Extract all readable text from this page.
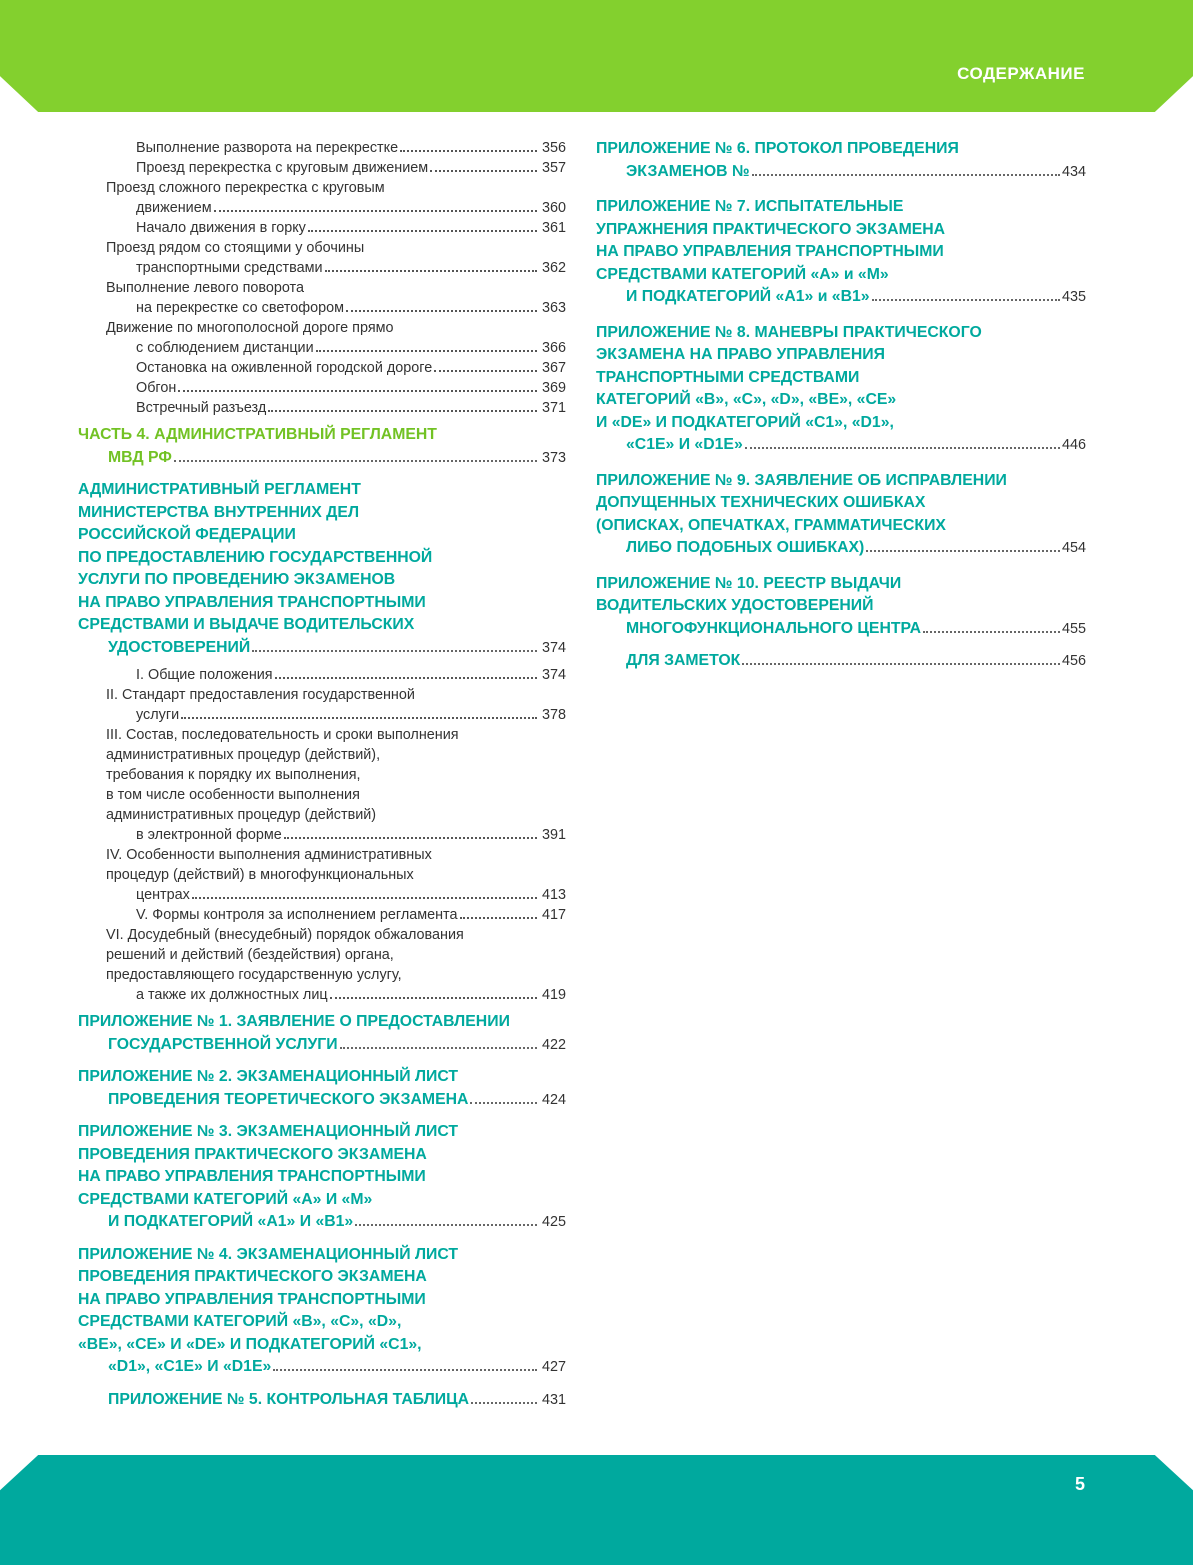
СОДЕРЖАНИЕ
Выполнение разворота на перекрестке	356
Проезд перекрестка с круговым движением	357
Проезд сложного перекрестка с круговым
движением	360
Начало движения в горку	361
Проезд рядом со стоящими у обочины
транспортными средствами	362
Выполнение левого поворота
на перекрестке со светофором	363
Движение по многополосной дороге прямо
с соблюдением дистанции	366
Остановка на оживленной городской дороге	367
Обгон	369
Встречный разъезд	371
ЧАСТЬ 4. АДМИНИСТРАТИВНЫЙ РЕГЛАМЕНТ
МВД РФ	373
АДМИНИСТРАТИВНЫЙ РЕГЛАМЕНТ
МИНИСТЕРСТВА ВНУТРЕННИХ ДЕЛ
РОССИЙСКОЙ ФЕДЕРАЦИИ
ПО ПРЕДОСТАВЛЕНИЮ ГОСУДАРСТВЕННОЙ
УСЛУГИ ПО ПРОВЕДЕНИЮ ЭКЗАМЕНОВ
НА ПРАВО УПРАВЛЕНИЯ ТРАНСПОРТНЫМИ
СРЕДСТВАМИ И ВЫДАЧЕ ВОДИТЕЛЬСКИХ
УДОСТОВЕРЕНИЙ	374
I. Общие положения	374
II. Стандарт предоставления государственной
услуги	378
III. Состав, последовательность и сроки выполнения
административных процедур (действий),
требования к порядку их выполнения,
в том числе особенности выполнения
административных процедур (действий)
в электронной форме	391
IV. Особенности выполнения административных
процедур (действий) в многофункциональных
центрах	413
V. Формы контроля за исполнением регламента	417
VI. Досудебный (внесудебный) порядок обжалования
решений и действий (бездействия) органа,
предоставляющего государственную услугу,
а также их должностных лиц	419
ПРИЛОЖЕНИЕ № 1. ЗАЯВЛЕНИЕ О ПРЕДОСТАВЛЕНИИ
ГОСУДАРСТВЕННОЙ УСЛУГИ	422
ПРИЛОЖЕНИЕ № 2. ЭКЗАМЕНАЦИОННЫЙ ЛИСТ
ПРОВЕДЕНИЯ ТЕОРЕТИЧЕСКОГО ЭКЗАМЕНА	424
ПРИЛОЖЕНИЕ № 3. ЭКЗАМЕНАЦИОННЫЙ ЛИСТ
ПРОВЕДЕНИЯ ПРАКТИЧЕСКОГО ЭКЗАМЕНА
НА ПРАВО УПРАВЛЕНИЯ ТРАНСПОРТНЫМИ
СРЕДСТВАМИ КАТЕГОРИЙ «А» И «М»
И ПОДКАТЕГОРИЙ «А1» И «В1»	425
ПРИЛОЖЕНИЕ № 4. ЭКЗАМЕНАЦИОННЫЙ ЛИСТ
ПРОВЕДЕНИЯ ПРАКТИЧЕСКОГО ЭКЗАМЕНА
НА ПРАВО УПРАВЛЕНИЯ ТРАНСПОРТНЫМИ
СРЕДСТВАМИ КАТЕГОРИЙ «В», «С», «D»,
«ВЕ», «СЕ» И «DE» И ПОДКАТЕГОРИЙ «С1»,
«D1», «С1Е» И «D1E»	427
ПРИЛОЖЕНИЕ № 5. КОНТРОЛЬНАЯ ТАБЛИЦА	431
ПРИЛОЖЕНИЕ № 6. ПРОТОКОЛ ПРОВЕДЕНИЯ
ЭКЗАМЕНОВ №	434
ПРИЛОЖЕНИЕ № 7. ИСПЫТАТЕЛЬНЫЕ
УПРАЖНЕНИЯ ПРАКТИЧЕСКОГО ЭКЗАМЕНА
НА ПРАВО УПРАВЛЕНИЯ ТРАНСПОРТНЫМИ
СРЕДСТВАМИ КАТЕГОРИЙ «А» и «М»
И ПОДКАТЕГОРИЙ «А1» и «В1»	435
ПРИЛОЖЕНИЕ № 8. МАНЕВРЫ ПРАКТИЧЕСКОГО
ЭКЗАМЕНА НА ПРАВО УПРАВЛЕНИЯ
ТРАНСПОРТНЫМИ СРЕДСТВАМИ
КАТЕГОРИЙ «В», «С», «D», «ВЕ», «СЕ»
И «DE» И ПОДКАТЕГОРИЙ «С1», «D1»,
«С1Е» И «D1E»	446
ПРИЛОЖЕНИЕ № 9. ЗАЯВЛЕНИЕ ОБ ИСПРАВЛЕНИИ
ДОПУЩЕННЫХ ТЕХНИЧЕСКИХ ОШИБКАХ
(ОПИСКАХ, ОПЕЧАТКАХ, ГРАММАТИЧЕСКИХ
ЛИБО ПОДОБНЫХ ОШИБКАХ)	454
ПРИЛОЖЕНИЕ № 10. РЕЕСТР ВЫДАЧИ
ВОДИТЕЛЬСКИХ УДОСТОВЕРЕНИЙ
МНОГОФУНКЦИОНАЛЬНОГО ЦЕНТРА	455
ДЛЯ ЗАМЕТОК	456
5
